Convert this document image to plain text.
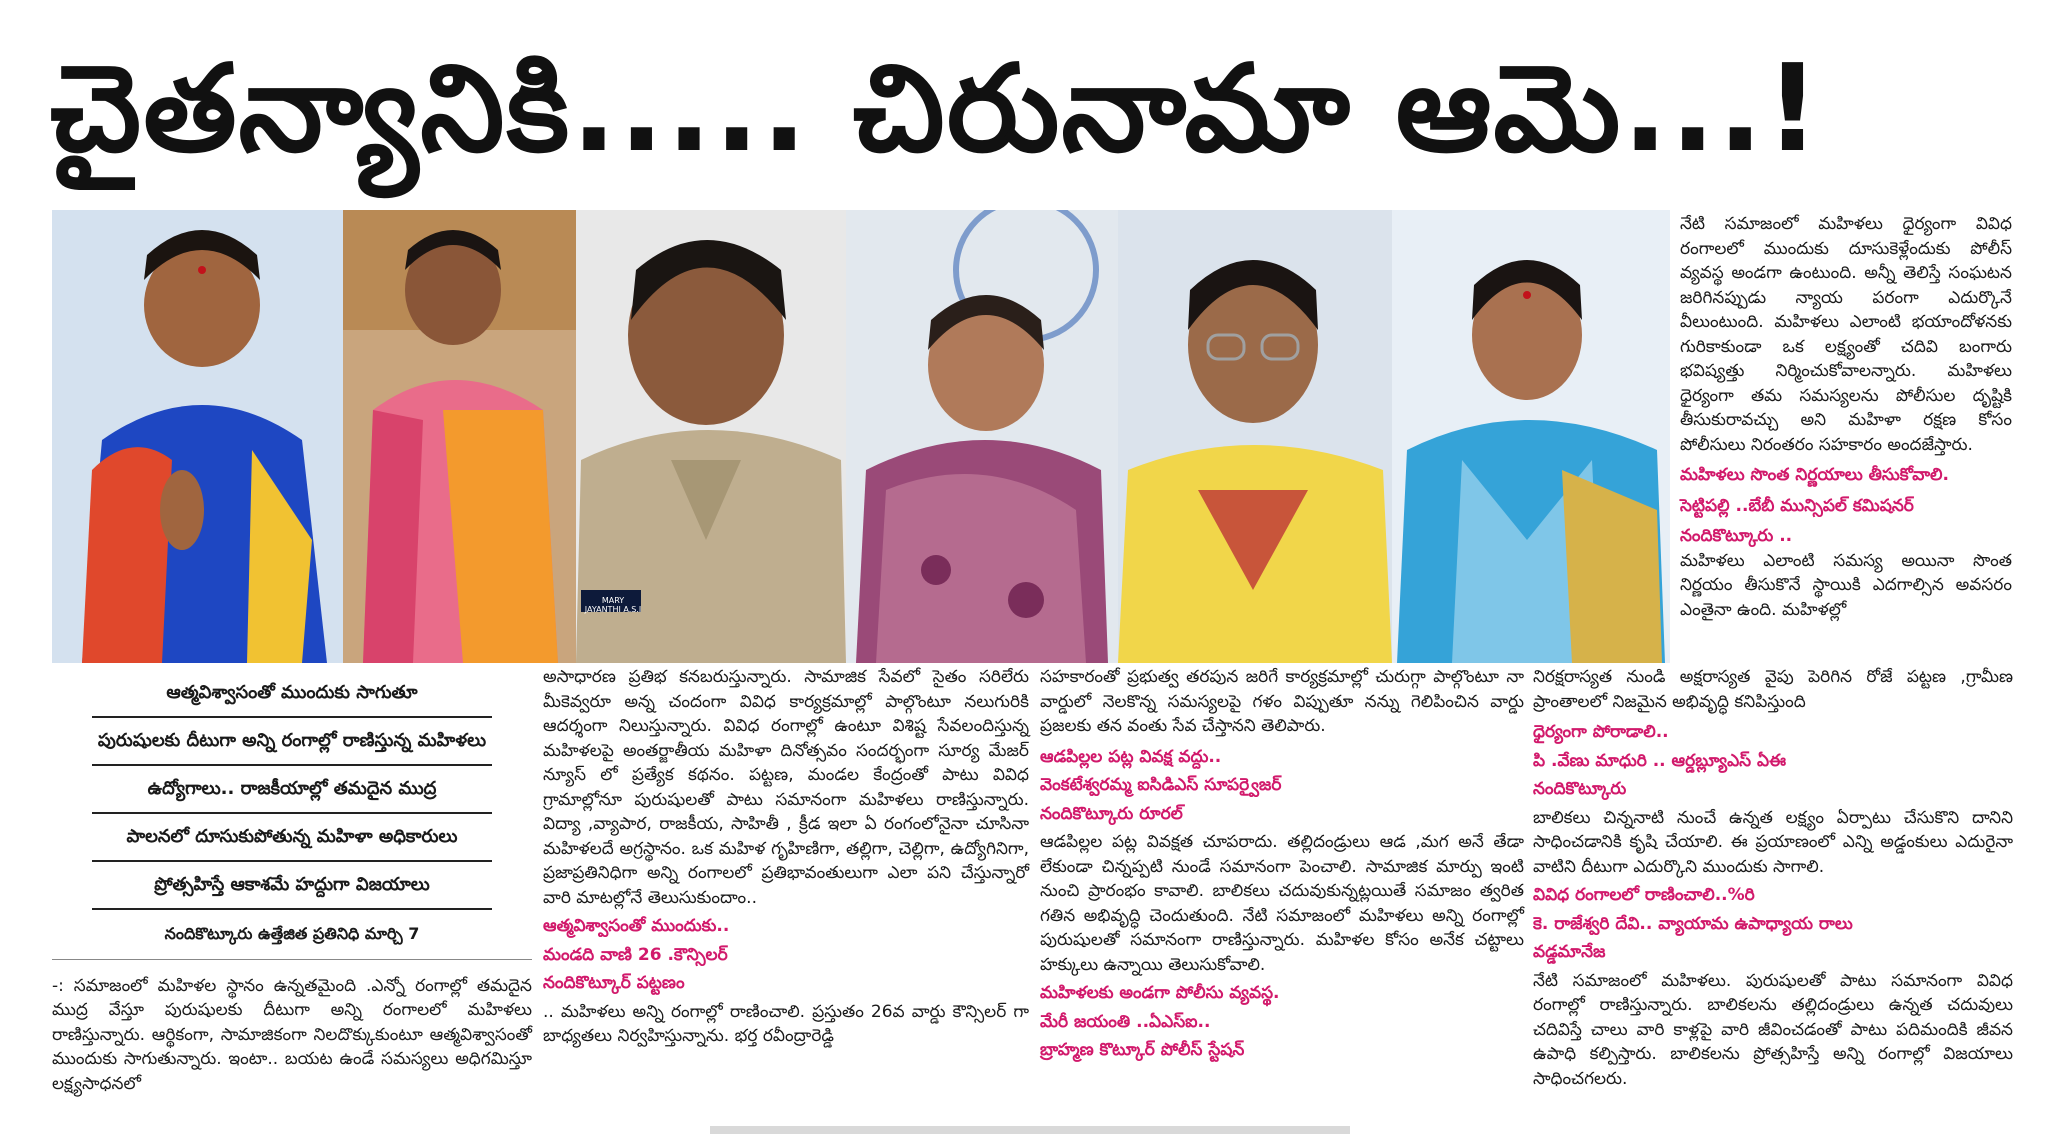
చైతన్యానికి..... చిరునామా ఆమె...!
MARY JAYANTHI A.S.I

నేటి సమాజంలో మహిళలు ధైర్యంగా వివిధ రంగాలలో ముందుకు దూసుకెళ్లేందుకు పోలీస్ వ్యవస్థ అండగా ఉంటుంది. అన్నీ తెలిస్తే సంఘటన జరిగినప్పుడు న్యాయ పరంగా ఎదుర్కొనే వీలుంటుంది. మహిళలు ఎలాంటి భయాందోళనకు గురికాకుండా ఒక లక్ష్యంతో చదివి బంగారు భవిష్యత్తు నిర్మించుకోవాలన్నారు. మహిళలు ధైర్యంగా తమ సమస్యలను పోలీసుల దృష్టికి తీసుకురావచ్చు అని మహిళా రక్షణ కోసం పోలీసులు నిరంతరం సహకారం అందజేస్తారు.

మహిళలు సొంత నిర్ణయాలు తీసుకోవాలి.

సెట్టిపల్లి ..బేబీ మున్సిపల్ కమిషనర్

నందికొట్కూరు ..

మహిళలు ఎలాంటి సమస్య అయినా సొంత నిర్ణయం తీసుకొనే స్థాయికి ఎదగాల్సిన అవసరం ఎంతైనా ఉంది. మహిళల్లో

ఆత్మవిశ్వాసంతో ముందుకు సాగుతూ
పురుషులకు దీటుగా అన్ని రంగాల్లో రాణిస్తున్న మహిళలు
ఉద్యోగాలు.. రాజకీయాల్లో తమదైన ముద్ర
పాలనలో దూసుకుపోతున్న మహిళా అధికారులు
ప్రోత్సహిస్తే ఆకాశమే హద్దుగా విజయాలు
నందికొట్కూరు ఉత్తేజిత ప్రతినిధి మార్చి 7

-: సమాజంలో మహిళల స్థానం ఉన్నతమైంది .ఎన్నో రంగాల్లో తమదైన ముద్ర వేస్తూ పురుషులకు దీటుగా అన్ని రంగాలలో మహిళలు రాణిస్తున్నారు. ఆర్థికంగా, సామాజికంగా నిలదొక్కుకుంటూ ఆత్మవిశ్వాసంతో ముందుకు సాగుతున్నారు. ఇంటా.. బయట ఉండే సమస్యలు అధిగమిస్తూ లక్ష్యసాధనలో

అసాధారణ ప్రతిభ కనబరుస్తున్నారు. సామాజిక సేవలో సైతం సరిలేరు మీకెవ్వరూ అన్న చందంగా వివిధ కార్యక్రమాల్లో పాల్గొంటూ నలుగురికి ఆదర్శంగా నిలుస్తున్నారు. వివిధ రంగాల్లో ఉంటూ విశిష్ట సేవలందిస్తున్న మహిళలపై అంతర్జాతీయ మహిళా దినోత్సవం సందర్భంగా సూర్య మేజర్ న్యూస్ లో ప్రత్యేక కథనం. పట్టణ, మండల కేంద్రంతో పాటు వివిధ గ్రామాల్లోనూ పురుషులతో పాటు సమానంగా మహిళలు రాణిస్తున్నారు. విద్యా ,వ్యాపార, రాజకీయ, సాహితీ , క్రీడ ఇలా ఏ రంగంలోనైనా చూసినా మహిళలదే అగ్రస్థానం. ఒక మహిళ గృహిణిగా, తల్లిగా, చెల్లిగా, ఉద్యోగినిగా, ప్రజాప్రతినిధిగా అన్ని రంగాలలో ప్రతిభావంతులుగా ఎలా పని చేస్తున్నారో వారి మాటల్లోనే తెలుసుకుందాం..

ఆత్మవిశ్వాసంతో ముందుకు..

మండది వాణి 26 .కౌన్సిలర్

నందికొట్కూర్ పట్టణం

.. మహిళలు అన్ని రంగాల్లో రాణించాలి. ప్రస్తుతం 26వ వార్డు కౌన్సిలర్ గా బాధ్యతలు నిర్వహిస్తున్నాను. భర్త రవీంద్రారెడ్డి

సహకారంతో ప్రభుత్వ తరపున జరిగే కార్యక్రమాల్లో చురుగ్గా పాల్గొంటూ నా వార్డులో నెలకొన్న సమస్యలపై గళం విప్పుతూ నన్ను గెలిపించిన వార్డు ప్రజలకు తన వంతు సేవ చేస్తానని తెలిపారు.

ఆడపిల్లల పట్ల వివక్ష వద్దు..

వెంకటేశ్వరమ్మ ఐసిడిఎస్ సూపర్వైజర్

నందికొట్కూరు రూరల్

ఆడపిల్లల పట్ల వివక్షత చూపరాదు. తల్లిదండ్రులు ఆడ ,మగ అనే తేడా లేకుండా చిన్నప్పటి నుండే సమానంగా పెంచాలి. సామాజిక మార్పు ఇంటి నుంచి ప్రారంభం కావాలి. బాలికలు చదువుకున్నట్లయితే సమాజం త్వరిత గతిన అభివృద్ధి చెందుతుంది. నేటి సమాజంలో మహిళలు అన్ని రంగాల్లో పురుషులతో సమానంగా రాణిస్తున్నారు. మహిళల కోసం అనేక చట్టాలు హక్కులు ఉన్నాయి తెలుసుకోవాలి.

మహిళలకు అండగా పోలీసు వ్యవస్థ.

మేరీ జయంతి ..ఏఎస్ఐ..

బ్రాహ్మణ కొట్కూర్ పోలీస్ స్టేషన్

నిరక్షరాస్యత నుండి అక్షరాస్యత వైపు పెరిగిన రోజే పట్టణ ,గ్రామీణ ప్రాంతాలలో నిజమైన అభివృద్ధి కనిపిస్తుంది

ధైర్యంగా పోరాడాలి..

పి .వేణు మాధురి .. ఆర్డబ్ల్యూఎస్ ఏఈ

నందికొట్కూరు

బాలికలు చిన్ననాటి నుంచే ఉన్నత లక్ష్యం ఏర్పాటు చేసుకొని దానిని సాధించడానికి కృషి చేయాలి. ఈ ప్రయాణంలో ఎన్ని అడ్డంకులు ఎదురైనా వాటిని దీటుగా ఎదుర్కొని ముందుకు సాగాలి.

వివిధ రంగాలలో రాణించాలి..%రి

కె. రాజేశ్వరి దేవి.. వ్యాయామ ఉపాధ్యాయ రాలు

వడ్డమానేజ

నేటి సమాజంలో మహిళలు. పురుషులతో పాటు సమానంగా వివిధ రంగాల్లో రాణిస్తున్నారు. బాలికలను తల్లిదండ్రులు ఉన్నత చదువులు చదివిస్తే చాలు వారి కాళ్లపై వారి జీవించడంతో పాటు పదిమందికి జీవన ఉపాధి కల్పిస్తారు. బాలికలను ప్రోత్సహిస్తే అన్ని రంగాల్లో విజయాలు సాధించగలరు.
